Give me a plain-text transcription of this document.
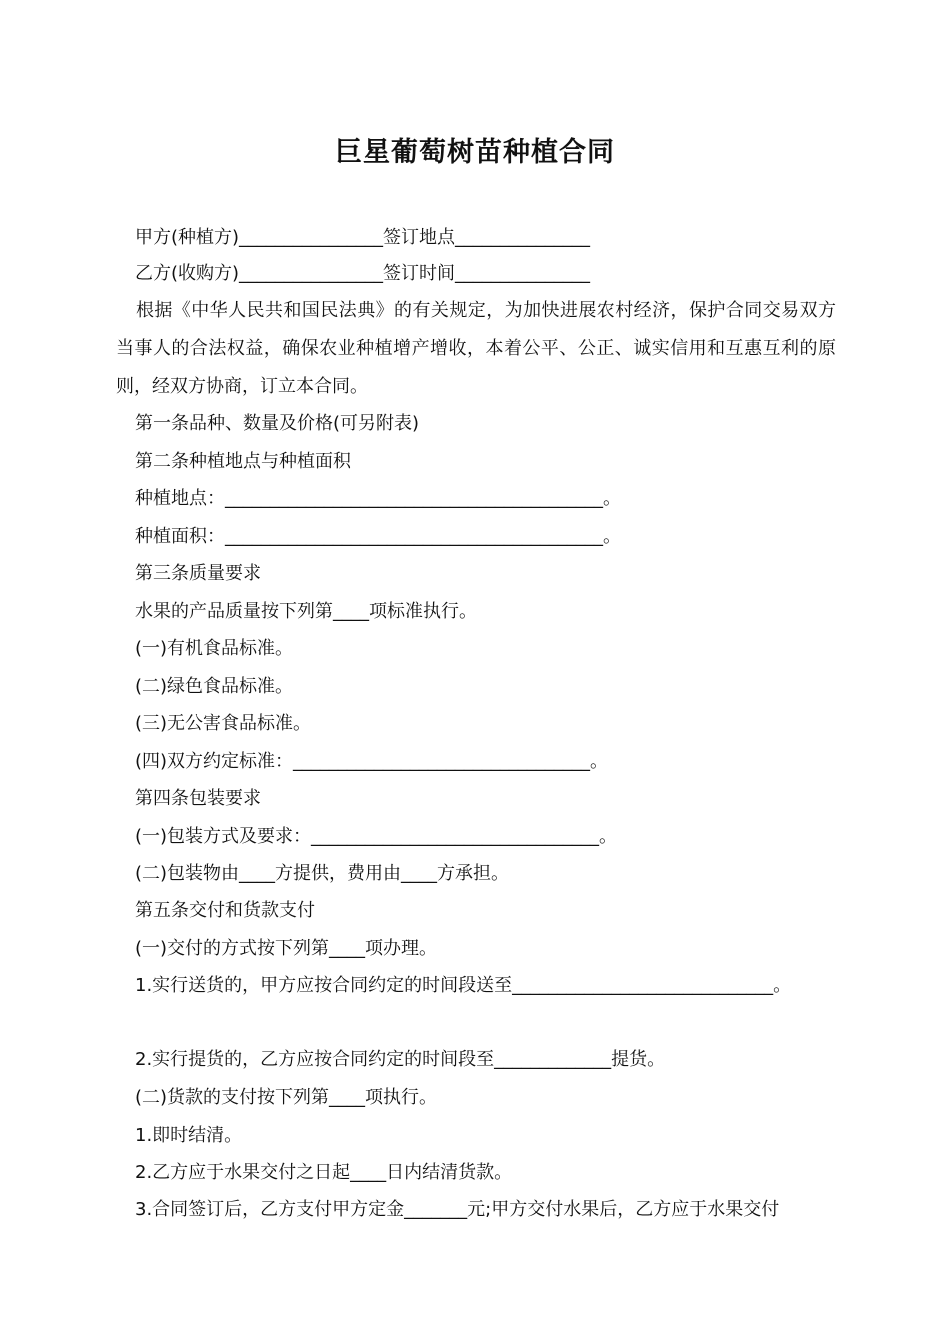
巨星葡萄树苗种植合同
甲方(种植方)________________签订地点_______________
乙方(收购方)________________签订时间_______________
根据《中华人民共和国民法典》的有关规定，为加快进展农村经济，保护合同交易双方当事人的合法权益，确保农业种植增产增收，本着公平、公正、诚实信用和互惠互利的原则，经双方协商，订立本合同。
第一条品种、数量及价格(可另附表)
第二条种植地点与种植面积
种植地点：__________________________________________。
种植面积：__________________________________________。
第三条质量要求
水果的产品质量按下列第____项标准执行。
(一)有机食品标准。
(二)绿色食品标准。
(三)无公害食品标准。
(四)双方约定标准：_________________________________。
第四条包装要求
(一)包装方式及要求：________________________________。
(二)包装物由____方提供，费用由____方承担。
第五条交付和货款支付
(一)交付的方式按下列第____项办理。
1.实行送货的，甲方应按合同约定的时间段送至_____________________________。
2.实行提货的，乙方应按合同约定的时间段至_____________提货。
(二)货款的支付按下列第____项执行。
1.即时结清。
2.乙方应于水果交付之日起____日内结清货款。
3.合同签订后，乙方支付甲方定金_______元;甲方交付水果后，乙方应于水果交付
